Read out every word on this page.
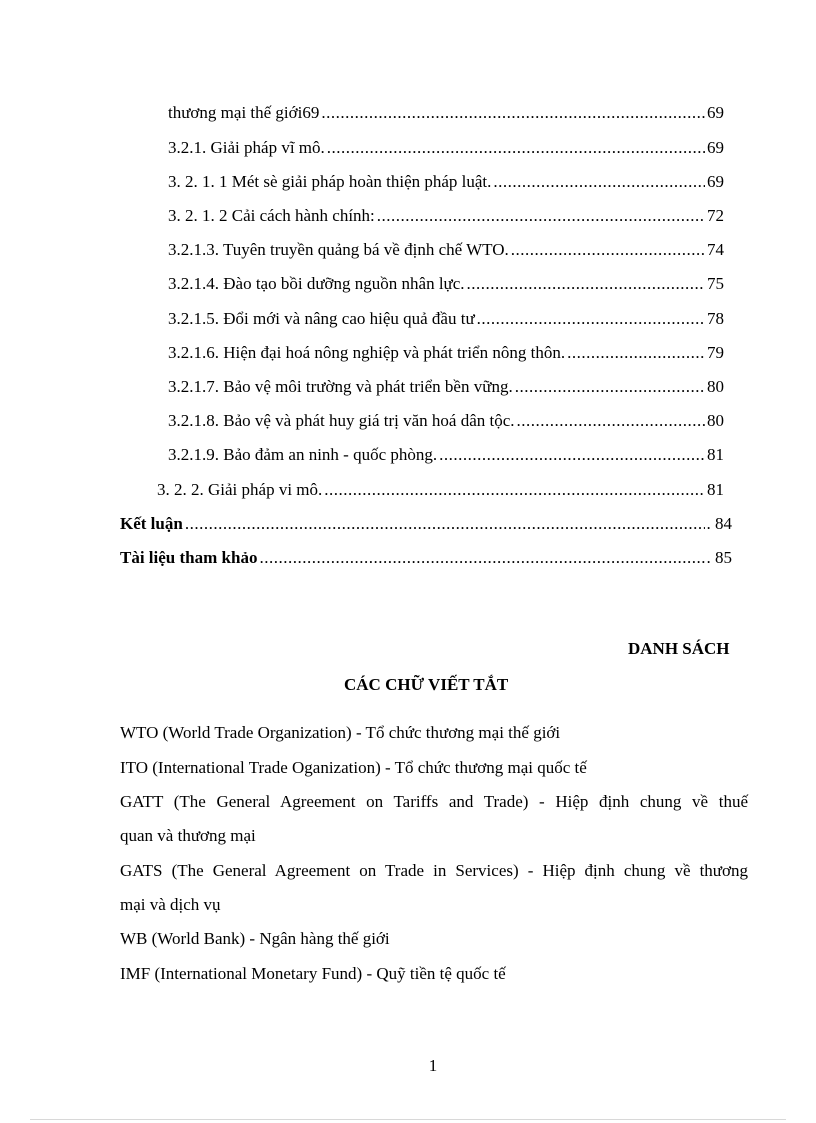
thương mại thế giới69 .....	69
3.2.1. Giải pháp vĩ mô. .....	69
3. 2. 1. 1 Mét sè giải pháp hoàn thiện pháp luật. .....	69
3. 2. 1. 2 Cải cách hành chính: .....	72
3.2.1.3. Tuyên truyền quảng bá về định chế WTO. .....	74
3.2.1.4. Đào tạo bồi dưỡng nguồn nhân lực. .....	75
3.2.1.5. Đổi mới và nâng cao hiệu quả đầu tư .....	78
3.2.1.6. Hiện đại hoá nông nghiệp và phát triển nông thôn. .....	79
3.2.1.7. Bảo vệ môi trường và phát triển bền vững. .....	80
3.2.1.8. Bảo vệ và phát huy giá trị văn hoá dân tộc. .....	80
3.2.1.9. Bảo đảm an ninh - quốc phòng. .....	81
3. 2. 2. Giải pháp vi mô. .....	81
Kết luận .....	. 84
Tài liệu tham khảo .....	. 85
DANH SÁCH
CÁC CHỮ VIẾT TẮT
WTO (World Trade Organization) - Tổ chức thương mại thế giới
ITO (International Trade Oganization) - Tổ chức thương mại quốc tế
GATT (The General Agreement on Tariffs and Trade) - Hiệp định chung về thuế
quan và thương mại
GATS (The General Agreement on Trade in Services) - Hiệp định chung về thương
mại và dịch vụ
WB (World Bank) - Ngân hàng thế giới
IMF (International Monetary Fund) - Quỹ tiền tệ quốc tế
1
